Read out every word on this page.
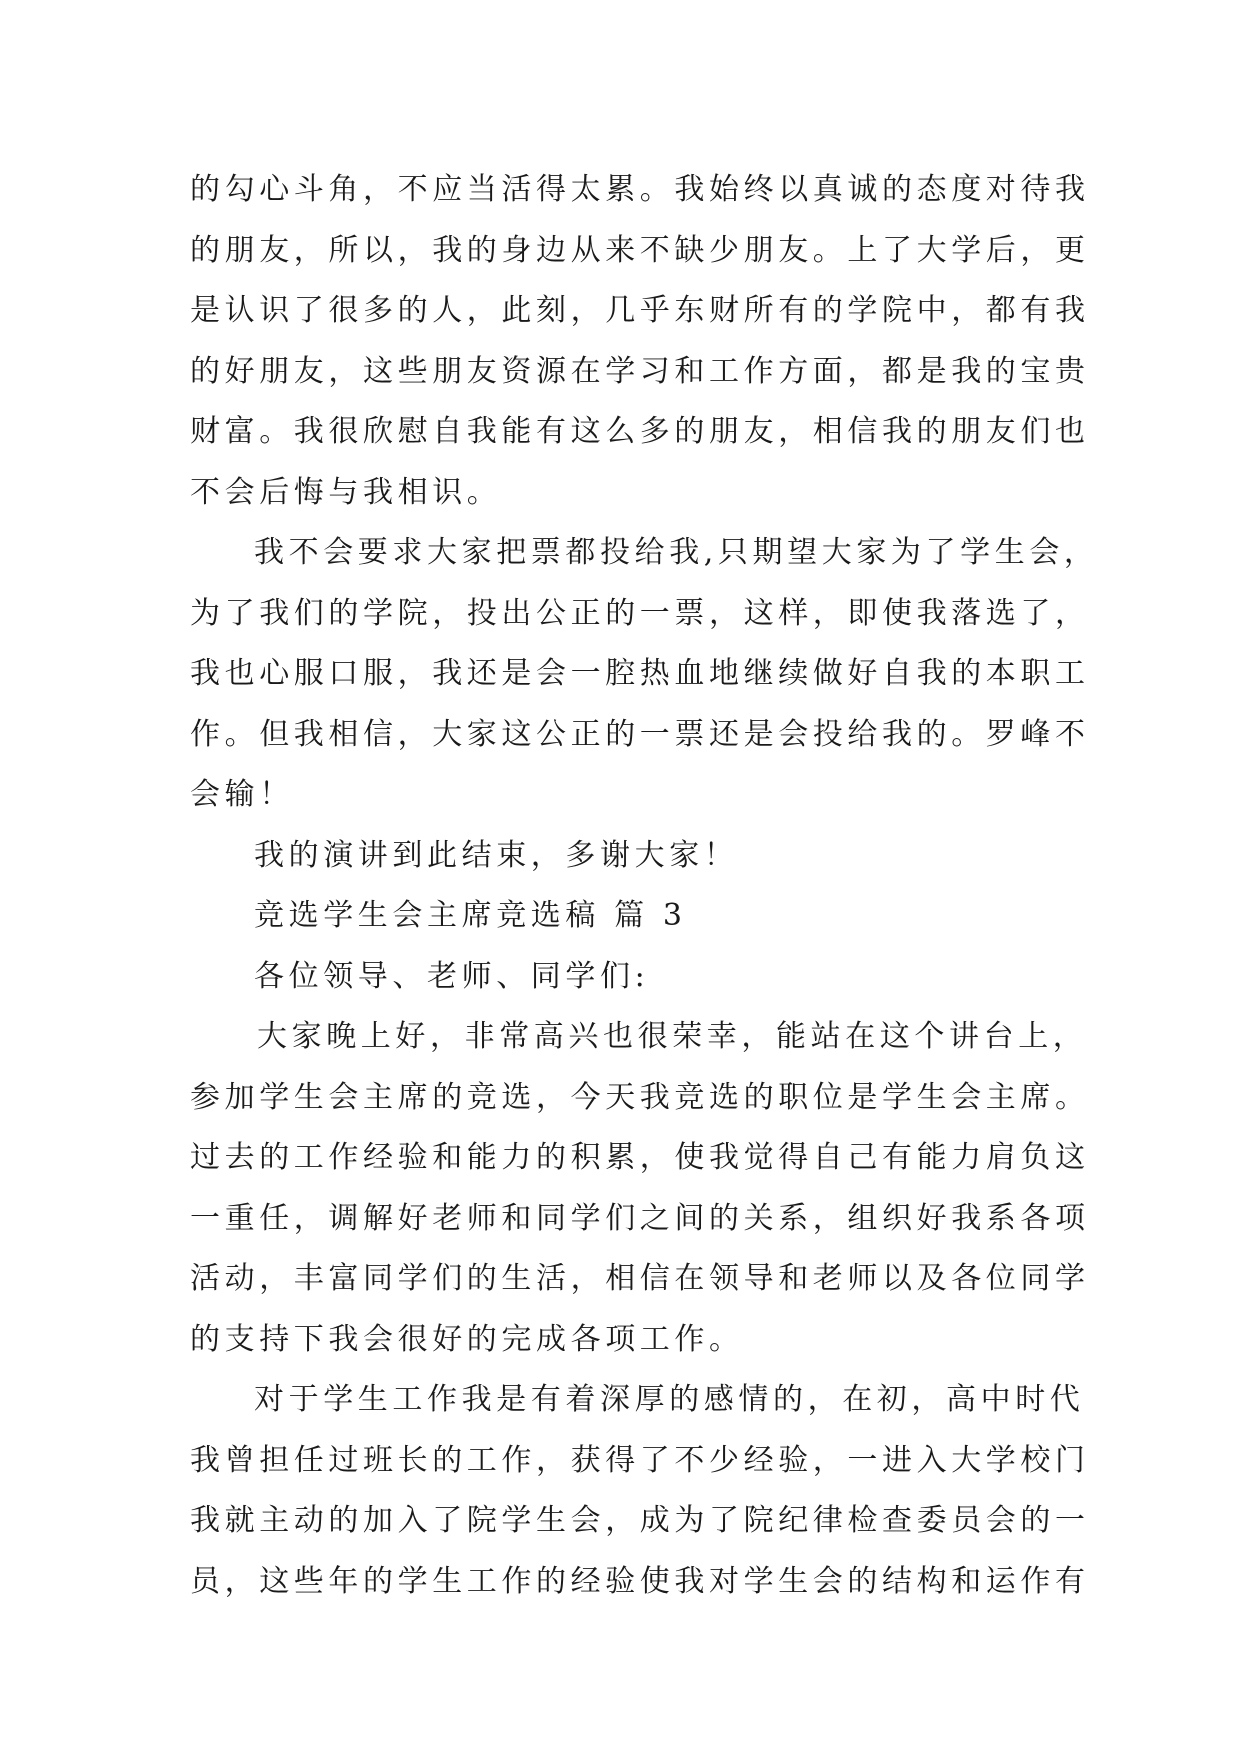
的勾心斗角，不应当活得太累。我始终以真诚的态度对待我
的朋友，所以，我的身边从来不缺少朋友。上了大学后，更
是认识了很多的人，此刻，几乎东财所有的学院中，都有我
的好朋友，这些朋友资源在学习和工作方面，都是我的宝贵
财富。我很欣慰自我能有这么多的朋友，相信我的朋友们也
不会后悔与我相识。
我不会要求大家把票都投给我,只期望大家为了学生会，
为了我们的学院，投出公正的一票，这样，即使我落选了，
我也心服口服，我还是会一腔热血地继续做好自我的本职工
作。但我相信，大家这公正的一票还是会投给我的。罗峰不
会输！
我的演讲到此结束，多谢大家！
竞选学生会主席竞选稿 篇 3
各位领导、老师、同学们:
大家晚上好，非常高兴也很荣幸，能站在这个讲台上，
参加学生会主席的竞选，今天我竞选的职位是学生会主席。
过去的工作经验和能力的积累，使我觉得自己有能力肩负这
一重任，调解好老师和同学们之间的关系，组织好我系各项
活动，丰富同学们的生活，相信在领导和老师以及各位同学
的支持下我会很好的完成各项工作。
对于学生工作我是有着深厚的感情的，在初，高中时代
我曾担任过班长的工作，获得了不少经验，一进入大学校门
我就主动的加入了院学生会，成为了院纪律检查委员会的一
员，这些年的学生工作的经验使我对学生会的结构和运作有
